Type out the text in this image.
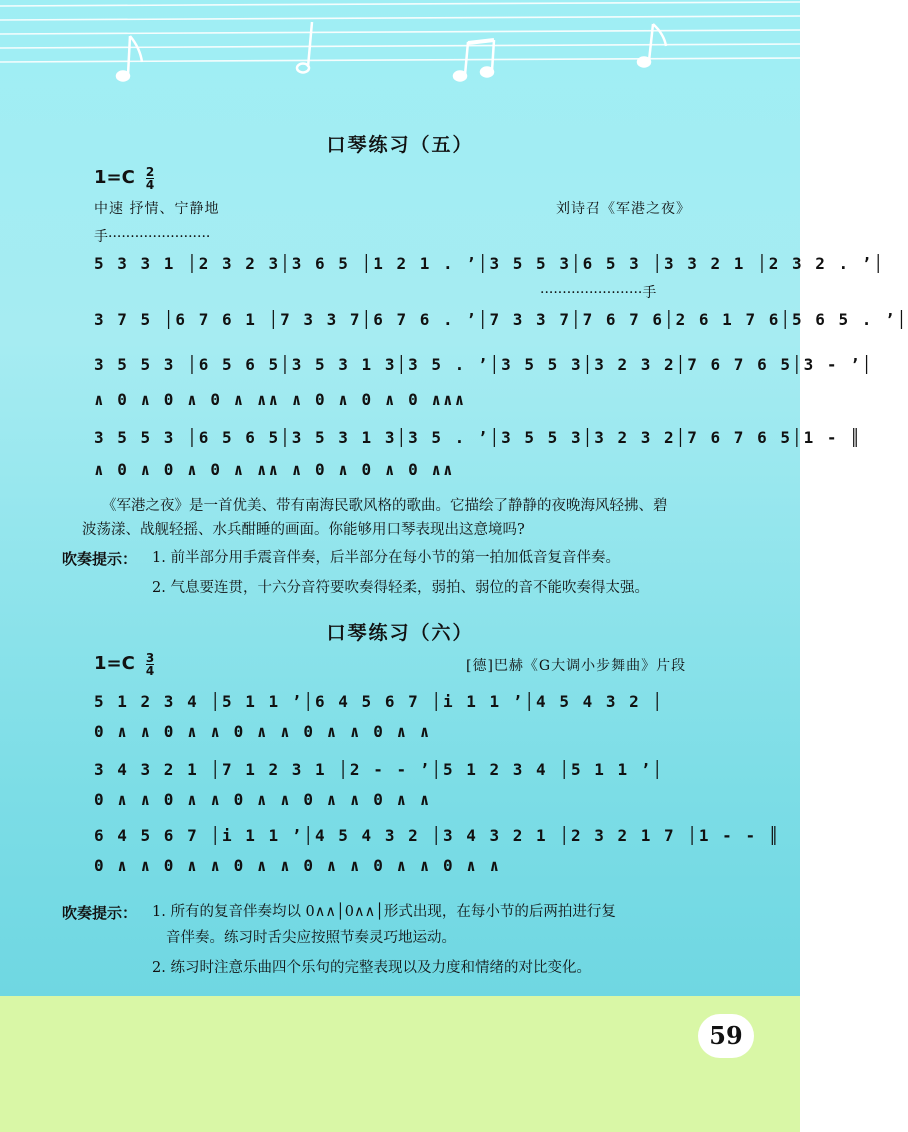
口琴练习（五）
$1=C \frac{2}{4}$
中速 抒情、宁静地	刘诗召《军港之夜》
手·······················
5 3 3 1 │2 3 2 3│3 6 5 │1 2 1 . ’│3 5 5 3│6 5 3 │3 3 2 1 │2 3 2 . ’│
·······················手
3 7 5 │6 7 6 1 │7 3 3 7│6 7 6 . ’│7 3 3 7│7 6 7 6│2 6 1 7 6│5 6 5 . ’│
3 5 5 3 │6 5 6 5│3 5 3 1 3│3 5 . ’│3 5 5 3│3 2 3 2│7 6 7 6 5│3 - ’│
∧ 0 ∧ 0 ∧ 0 ∧ ∧∧ ∧ 0 ∧ 0 ∧ 0 ∧∧∧
3 5 5 3 │6 5 6 5│3 5 3 1 3│3 5 . ’│3 5 5 3│3 2 3 2│7 6 7 6 5│1 - ║
∧ 0 ∧ 0 ∧ 0 ∧ ∧∧ ∧ 0 ∧ 0 ∧ 0 ∧∧
《军港之夜》是一首优美、带有南海民歌风格的歌曲。它描绘了静静的夜晚海风轻拂、碧
波荡漾、战舰轻摇、水兵酣睡的画面。你能够用口琴表现出这意境吗?
吹奏提示： 1. 前半部分用手震音伴奏，后半部分在每小节的第一拍加低音复音伴奏。
2. 气息要连贯，十六分音符要吹奏得轻柔，弱拍、弱位的音不能吹奏得太强。
口琴练习（六）
$1=C \frac{3}{4}$	[德]巴赫《G大调小步舞曲》片段
5 1 2 3 4 │5 1 1 ’│6 4 5 6 7 │i 1 1 ’│4 5 4 3 2 │
0 ∧ ∧ 0 ∧ ∧ 0 ∧ ∧ 0 ∧ ∧ 0 ∧ ∧
3 4 3 2 1 │7 1 2 3 1 │2 - - ’│5 1 2 3 4 │5 1 1 ’│
0 ∧ ∧ 0 ∧ ∧ 0 ∧ ∧ 0 ∧ ∧ 0 ∧ ∧
6 4 5 6 7 │i 1 1 ’│4 5 4 3 2 │3 4 3 2 1 │2 3 2 1 7 │1 - - ║
0 ∧ ∧ 0 ∧ ∧ 0 ∧ ∧ 0 ∧ ∧ 0 ∧ ∧ 0 ∧ ∧
吹奏提示： 1. 所有的复音伴奏均以 0∧∧│0∧∧│形式出现，在每小节的后两拍进行复
音伴奏。练习时舌尖应按照节奏灵巧地运动。
2. 练习时注意乐曲四个乐句的完整表现以及力度和情绪的对比变化。
59
